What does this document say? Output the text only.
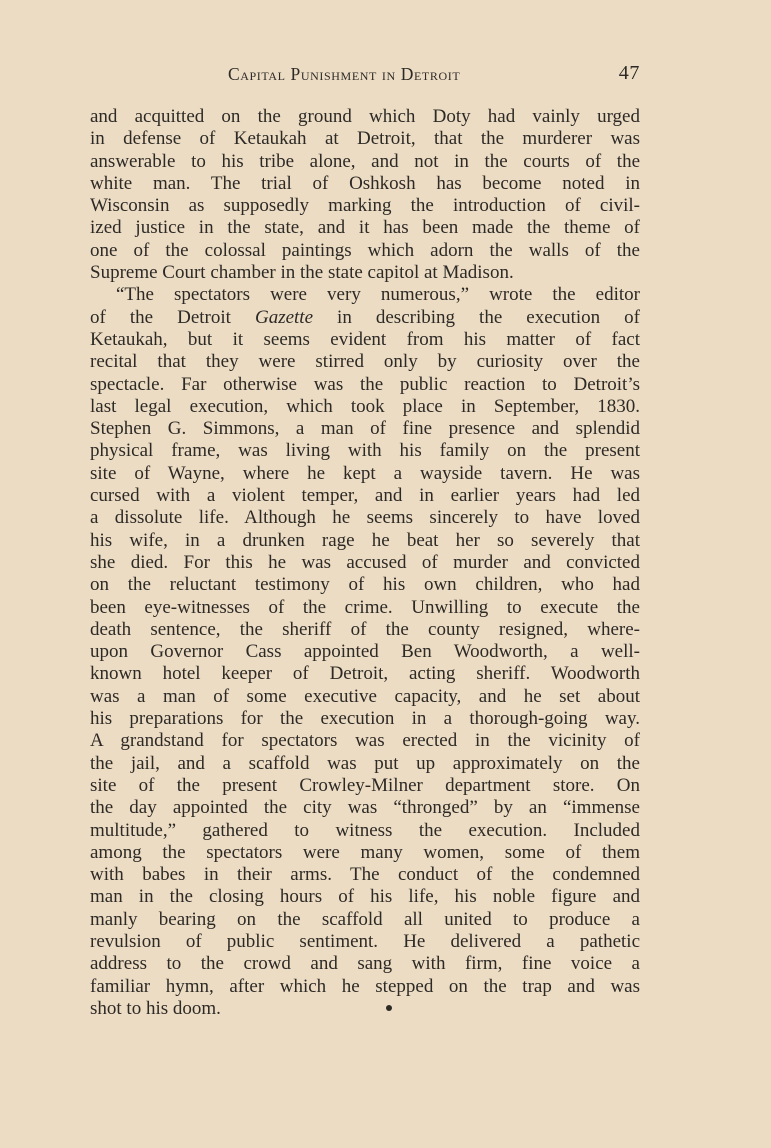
Capital Punishment in Detroit	47
and acquitted on the ground which Doty had vainly urged
in defense of Ketaukah at Detroit, that the murderer was
answerable to his tribe alone, and not in the courts of the
white man. The trial of Oshkosh has become noted in
Wisconsin as supposedly marking the introduction of civil-
ized justice in the state, and it has been made the theme of
one of the colossal paintings which adorn the walls of the
Supreme Court chamber in the state capitol at Madison.
“The spectators were very numerous,” wrote the editor
of the Detroit Gazette in describing the execution of
Ketaukah, but it seems evident from his matter of fact
recital that they were stirred only by curiosity over the
spectacle. Far otherwise was the public reaction to Detroit’s
last legal execution, which took place in September, 1830.
Stephen G. Simmons, a man of fine presence and splendid
physical frame, was living with his family on the present
site of Wayne, where he kept a wayside tavern. He was
cursed with a violent temper, and in earlier years had led
a dissolute life. Although he seems sincerely to have loved
his wife, in a drunken rage he beat her so severely that
she died. For this he was accused of murder and convicted
on the reluctant testimony of his own children, who had
been eye-witnesses of the crime. Unwilling to execute the
death sentence, the sheriff of the county resigned, where-
upon Governor Cass appointed Ben Woodworth, a well-
known hotel keeper of Detroit, acting sheriff. Woodworth
was a man of some executive capacity, and he set about
his preparations for the execution in a thorough-going way.
A grandstand for spectators was erected in the vicinity of
the jail, and a scaffold was put up approximately on the
site of the present Crowley-Milner department store. On
the day appointed the city was “thronged” by an “immense
multitude,” gathered to witness the execution. Included
among the spectators were many women, some of them
with babes in their arms. The conduct of the condemned
man in the closing hours of his life, his noble figure and
manly bearing on the scaffold all united to produce a
revulsion of public sentiment. He delivered a pathetic
address to the crowd and sang with firm, fine voice a
familiar hymn, after which he stepped on the trap and was
shot to his doom.
